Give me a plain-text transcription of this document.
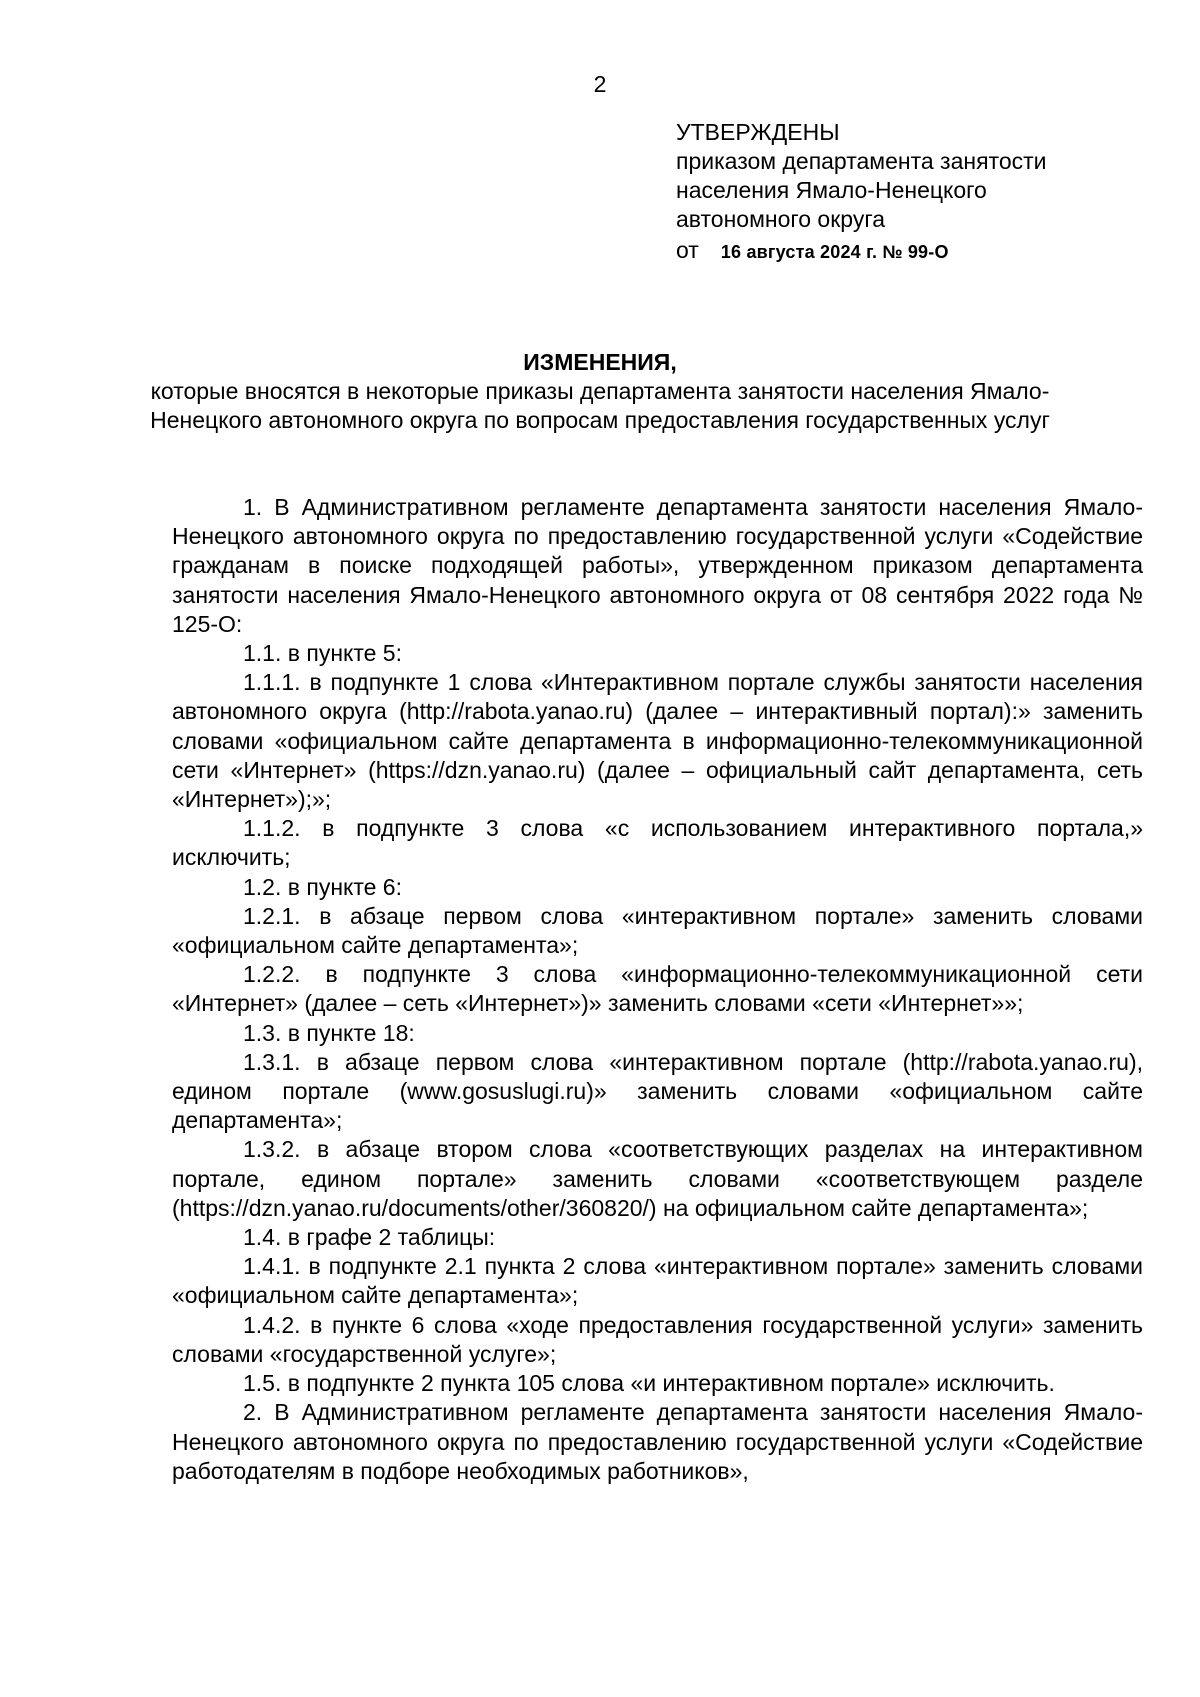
2
УТВЕРЖДЕНЫ
приказом департамента занятости
населения Ямало-Ненецкого
автономного округа
от 16 августа 2024 г. № 99-О
ИЗМЕНЕНИЯ,
которые вносятся в некоторые приказы департамента занятости населения Ямало-Ненецкого автономного округа по вопросам предоставления государственных услуг

1. В Административном регламенте департамента занятости населения Ямало-Ненецкого автономного округа по предоставлению государственной услуги «Содействие гражданам в поиске подходящей работы», утвержденном приказом департамента занятости населения Ямало-Ненецкого автономного округа от 08 сентября 2022 года № 125-О:

1.1. в пункте 5:

1.1.1. в подпункте 1 слова «Интерактивном портале службы занятости населения автономного округа (http://rabota.yanao.ru) (далее – интерактивный портал):» заменить словами «официальном сайте департамента в информационно-телекоммуникационной сети «Интернет» (https://dzn.yanao.ru) (далее – официальный сайт департамента, сеть «Интернет»);»;

1.1.2. в подпункте 3 слова «с использованием интерактивного портала,» исключить;

1.2. в пункте 6:

1.2.1. в абзаце первом слова «интерактивном портале» заменить словами «официальном сайте департамента»;

1.2.2. в подпункте 3 слова «информационно-телекоммуникационной сети «Интернет» (далее – сеть «Интернет»)» заменить словами «сети «Интернет»»;

1.3. в пункте 18:

1.3.1. в абзаце первом слова «интерактивном портале (http://rabota.yanao.ru), едином портале (www.gosuslugi.ru)» заменить словами «официальном сайте департамента»;

1.3.2. в абзаце втором слова «соответствующих разделах на интерактивном портале, едином портале» заменить словами «соответствующем разделе (https://dzn.yanao.ru/documents/other/360820/) на официальном сайте департамента»;

1.4. в графе 2 таблицы:

1.4.1. в подпункте 2.1 пункта 2 слова «интерактивном портале» заменить словами «официальном сайте департамента»;

1.4.2. в пункте 6 слова «ходе предоставления государственной услуги» заменить словами «государственной услуге»;

1.5. в подпункте 2 пункта 105 слова «и интерактивном портале» исключить.

2. В Административном регламенте департамента занятости населения Ямало-Ненецкого автономного округа по предоставлению государственной услуги «Содействие работодателям в подборе необходимых работников»,
